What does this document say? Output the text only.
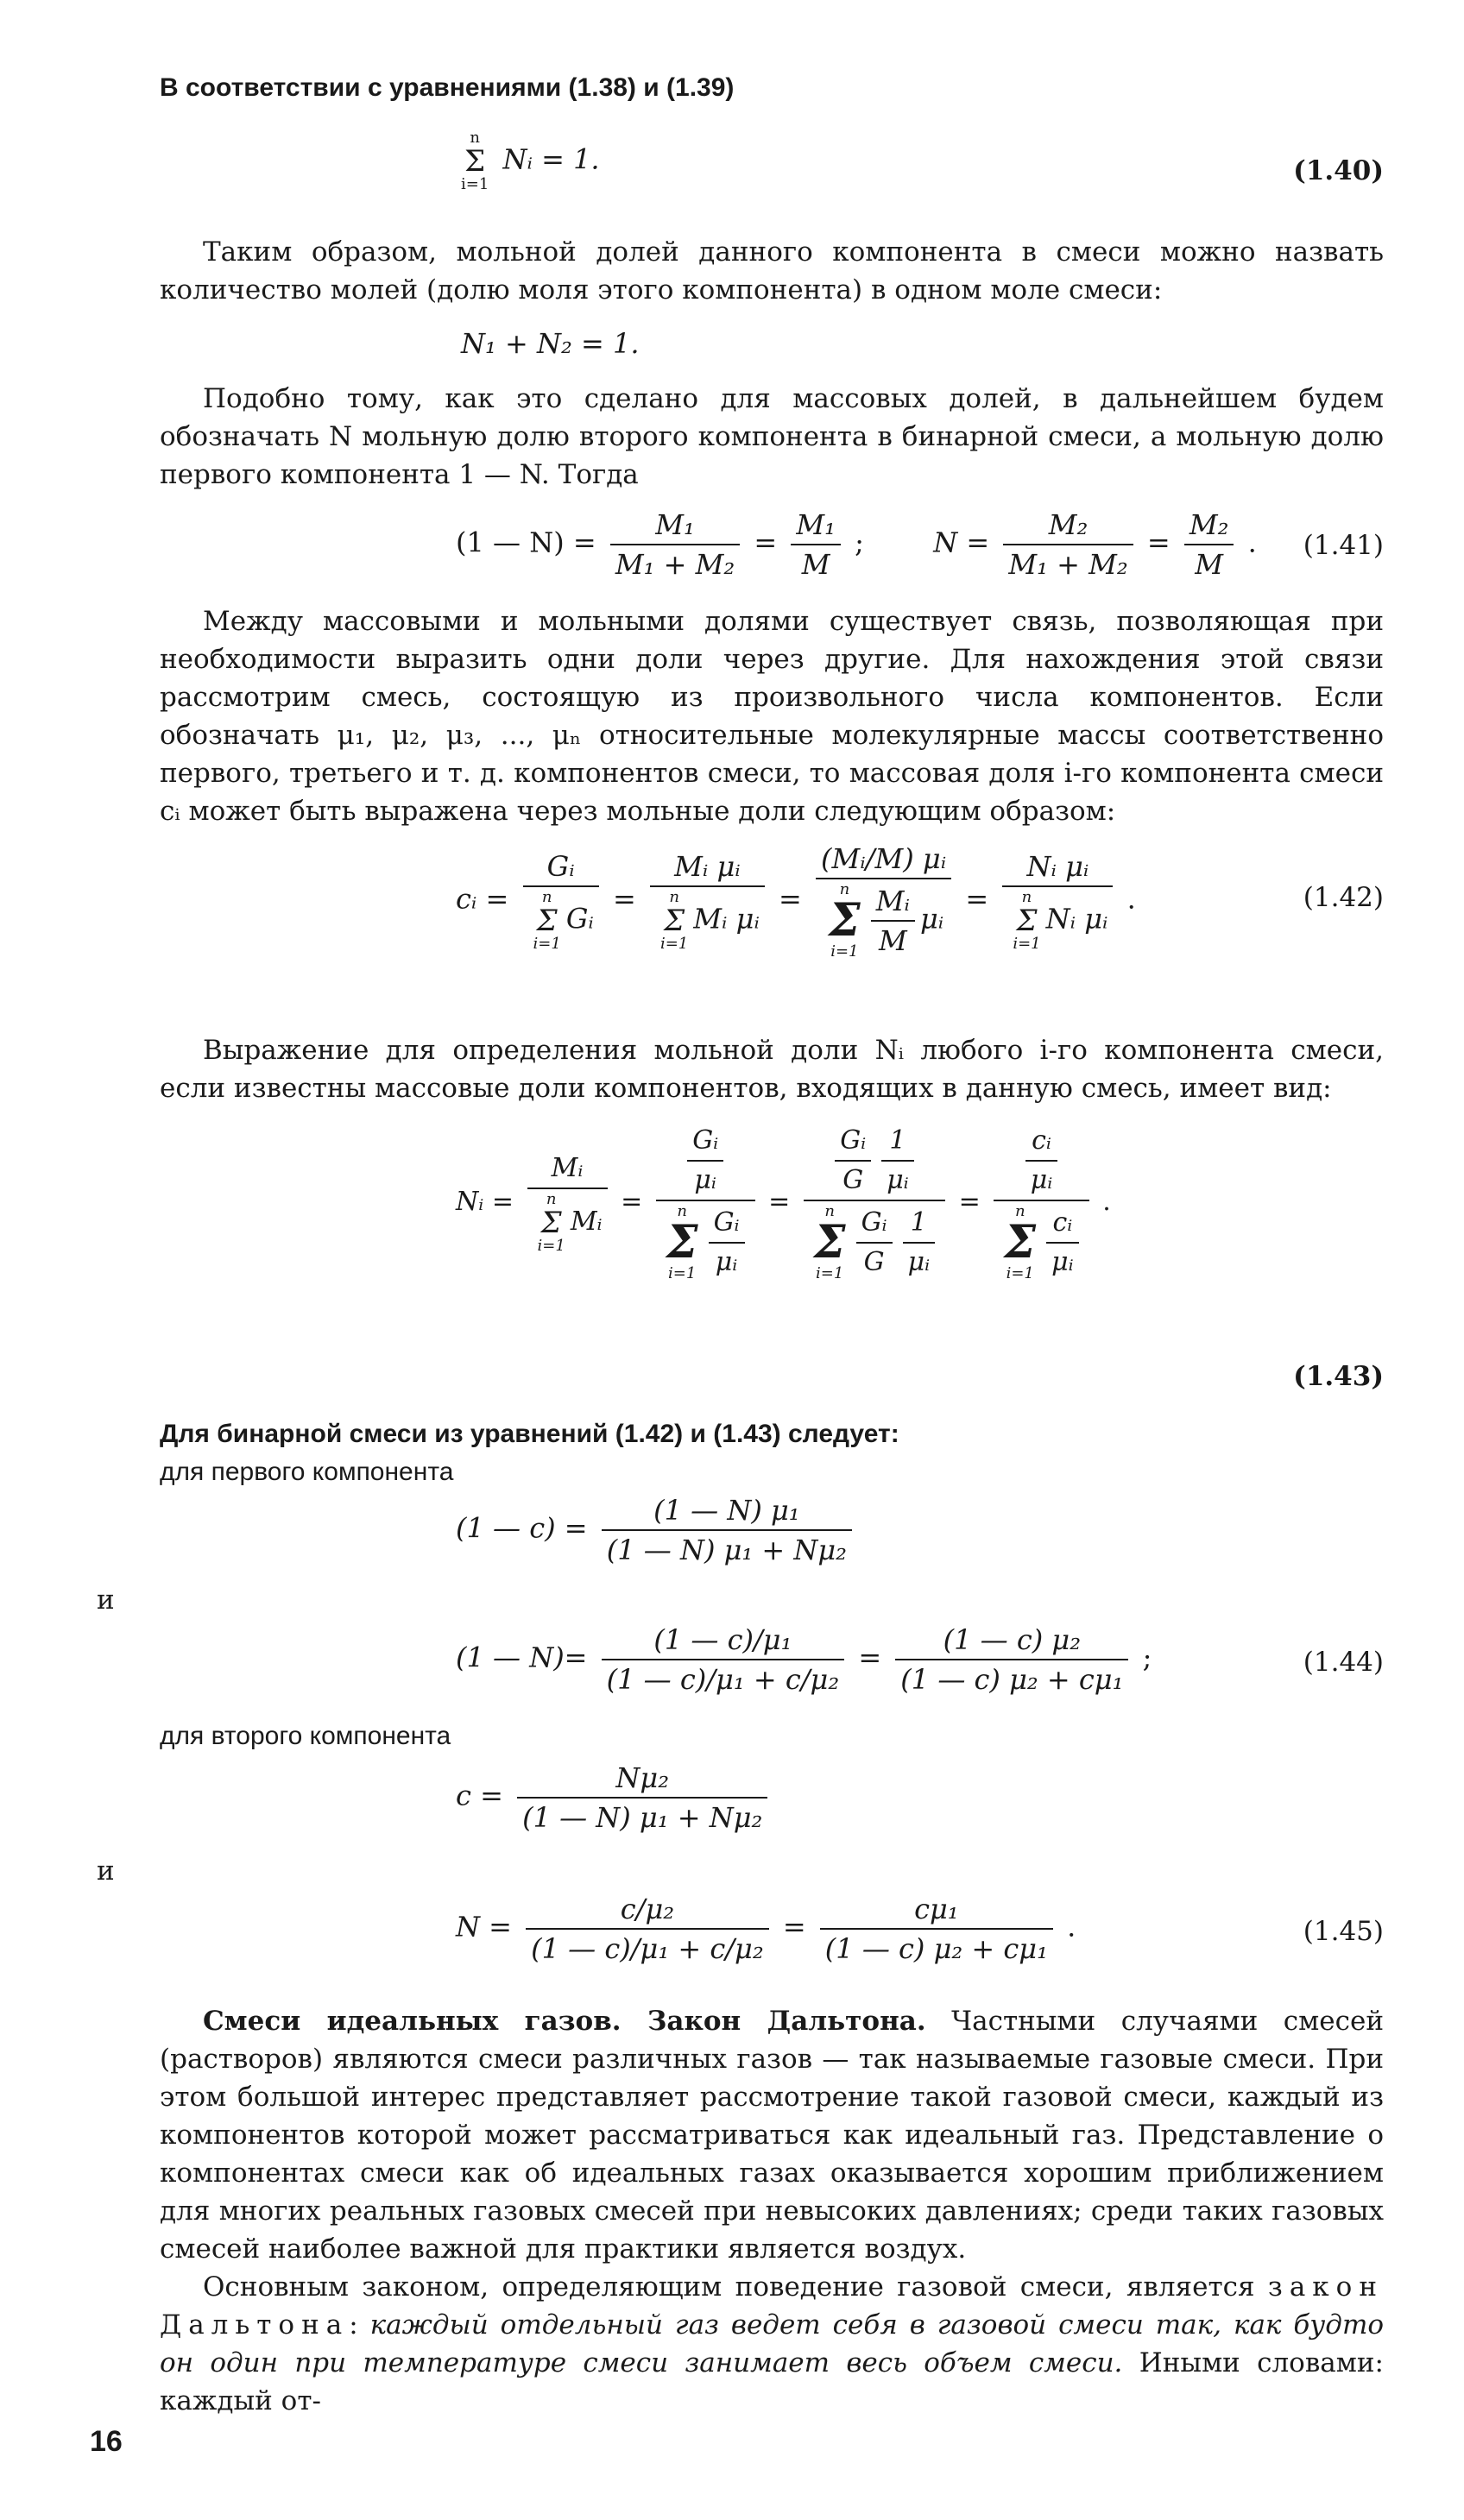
В соответствии с уравнениями (1.38) и (1.39)

n
Σ
i=1 Nᵢ = 1.	(1.40)

Таким образом, мольной долей данного компонента в смеси можно назвать количество молей (долю моля этого компонента) в одном моле смеси:

N₁ + N₂ = 1.

Подобно тому, как это сделано для массовых долей, в дальнейшем будем обозначать N мольную долю второго компонента в бинарной смеси, а мольную долю первого компонента 1 — N. Тогда

(1 — $N) = \frac{\text{M₁}}{\text{M₁ + M₂}} = \frac{\text{M₁}}{M}$ ;	$N = \frac{\text{M₂}}{\text{M₁ + M₂}} = \frac{\text{M₂}}{M}$ . (1.41)

Между массовыми и мольными долями существует связь, позволяющая при необходимости выразить одни доли через другие. Для нахождения этой связи рассмотрим смесь, состоящую из произвольного числа компонентов. Если обозначать μ₁, μ₂, μ₃, ..., μₙ относительные молекулярные массы соответственно первого, третьего и т. д. компонентов смеси, то массовая доля i-го компонента смеси cᵢ может быть выражена через мольные доли следующим образом:

cᵢ = Gᵢ
n
Σ
i=1Gᵢ = Mᵢ μᵢ
n
Σ
i=1Mᵢ μᵢ = (Mᵢ/M) μᵢ
n
Σ
$i=1 \frac{\text{Mᵢ}}{M}$ μᵢ = Nᵢ μᵢ
n
Σ
i=1Nᵢ μᵢ .	(1.42)

Выражение для определения мольной доли Nᵢ любого i-го компонента смеси, если известны массовые доли компонентов, входящих в данную смесь, имеет вид:

Nᵢ = Mᵢ
n
Σ
i=1Mᵢ = $\frac{\text{Gᵢ}}{\text{μᵢ}}$
n
Σ
$i=1 \frac{\text{Gᵢ}}{\text{μᵢ}} = \frac{\text{Gᵢ}}{G} \frac{1}{\text{μᵢ}}$
n
Σ
$i=1 \frac{\text{Gᵢ}}{G} \frac{1}{\text{μᵢ}} = \frac{\text{cᵢ}}{\text{μᵢ}}$
n
Σ
$i=1 \frac{\text{cᵢ}}{\text{μᵢ}}$ .
(1.43)

Для бинарной смеси из уравнений (1.42) и (1.43) следует:

для первого компонента

(1 — $c) = \frac{\text{(1 — N) μ₁}}{\text{(1 — N) μ₁ + Nμ₂}}$
и
(1 — $N)= \frac{\text{(1 — c)/μ₁}}{\text{(1 — c)/μ₁ + c/μ₂}} = \frac{\text{(1 — c) μ₂}}{\text{(1 — c) μ₂ + cμ₁}}$ ;	(1.44)

для второго компонента

$c = \frac{\text{Nμ₂}}{\text{(1 — N) μ₁ + Nμ₂}}$
и
$N = \frac{\text{c/μ₂}}{\text{(1 — c)/μ₁ + c/μ₂}} = \frac{\text{cμ₁}}{\text{(1 — c) μ₂ + cμ₁}}$ .	(1.45)

Смеси идеальных газов. Закон Дальтона. Частными случаями смесей (растворов) являются смеси различных газов — так называемые газовые смеси. При этом большой интерес представляет рассмотрение такой газовой смеси, каждый из компонентов которой может рассматриваться как идеальный газ. Представление о компонентах смеси как об идеальных газах оказывается хорошим приближением для многих реальных газовых смесей при невысоких давлениях; среди таких газовых смесей наиболее важной для практики является воздух.

Основным законом, определяющим поведение газовой смеси, является закон Дальтона: каждый отдельный газ ведет себя в газовой смеси так, как будто он один при температуре смеси занимает весь объем смеси. Иными словами: каждый от-

16
